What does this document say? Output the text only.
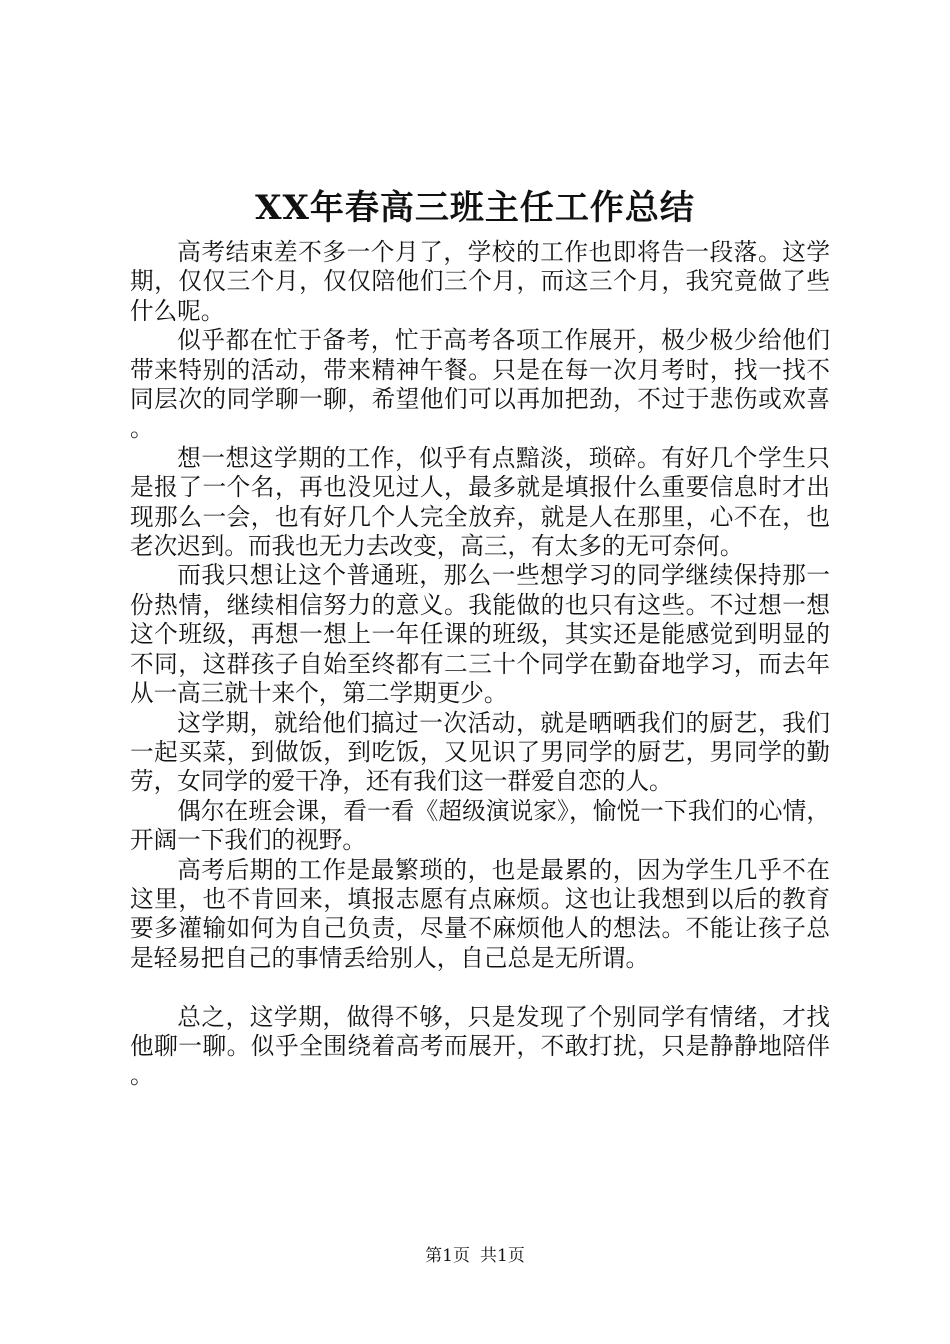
XX年春高三班主任工作总结

高考结束差不多一个月了，学校的工作也即将告一段落。这学期，仅仅三个月，仅仅陪他们三个月，而这三个月，我究竟做了些什么呢。

似乎都在忙于备考，忙于高考各项工作展开，极少极少给他们带来特别的活动，带来精神午餐。只是在每一次月考时，找一找不同层次的同学聊一聊，希望他们可以再加把劲，不过于悲伤或欢喜。

想一想这学期的工作，似乎有点黯淡，琐碎。有好几个学生只是报了一个名，再也没见过人，最多就是填报什么重要信息时才出现那么一会，也有好几个人完全放弃，就是人在那里，心不在，也老次迟到。而我也无力去改变，高三，有太多的无可奈何。

而我只想让这个普通班，那么一些想学习的同学继续保持那一份热情，继续相信努力的意义。我能做的也只有这些。不过想一想这个班级，再想一想上一年任课的班级，其实还是能感觉到明显的不同，这群孩子自始至终都有二三十个同学在勤奋地学习，而去年从一高三就十来个，第二学期更少。

这学期，就给他们搞过一次活动，就是晒晒我们的厨艺，我们一起买菜，到做饭，到吃饭，又见识了男同学的厨艺，男同学的勤劳，女同学的爱干净，还有我们这一群爱自恋的人。

偶尔在班会课，看一看《超级演说家》，愉悦一下我们的心情，开阔一下我们的视野。

高考后期的工作是最繁琐的，也是最累的，因为学生几乎不在这里，也不肯回来，填报志愿有点麻烦。这也让我想到以后的教育要多灌输如何为自己负责，尽量不麻烦他人的想法。不能让孩子总是轻易把自己的事情丢给别人，自己总是无所谓。

总之，这学期，做得不够，只是发现了个别同学有情绪，才找他聊一聊。似乎全围绕着高考而展开，不敢打扰，只是静静地陪伴。

第1页 共1页
